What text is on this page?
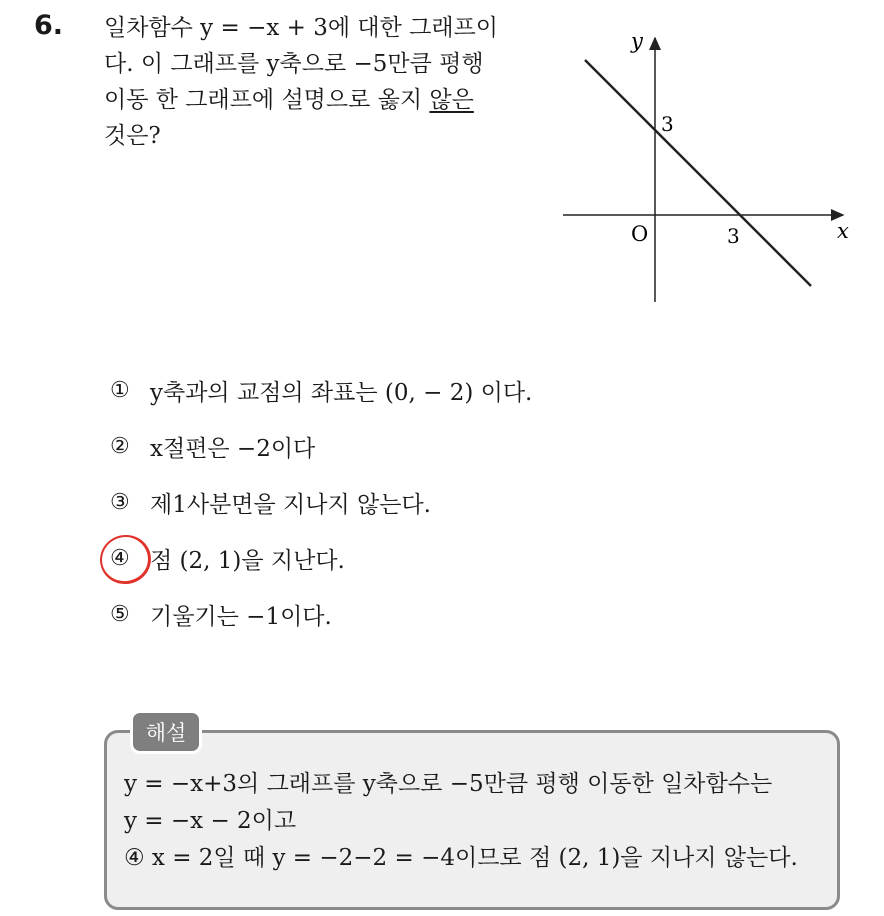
6. 일차함수 y = −x + 3에 대한 그래프이
다. 이 그래프를 y축으로 −5만큼 평행
이동 한 그래프에 설명으로 옳지 않은
것은?
y
x
O
3
3
① y축과의 교점의 좌표는 (0, − 2) 이다.
② x절편은 −2이다
③ 제1사분면을 지나지 않는다.
④ 점 (2, 1)을 지난다.
⑤ 기울기는 −1이다.
해설
y = −x+3의 그래프를 y축으로 −5만큼 평행 이동한 일차함수는
y = −x − 2이고
④ x = 2일 때 y = −2−2 = −4이므로 점 (2, 1)을 지나지 않는다.
